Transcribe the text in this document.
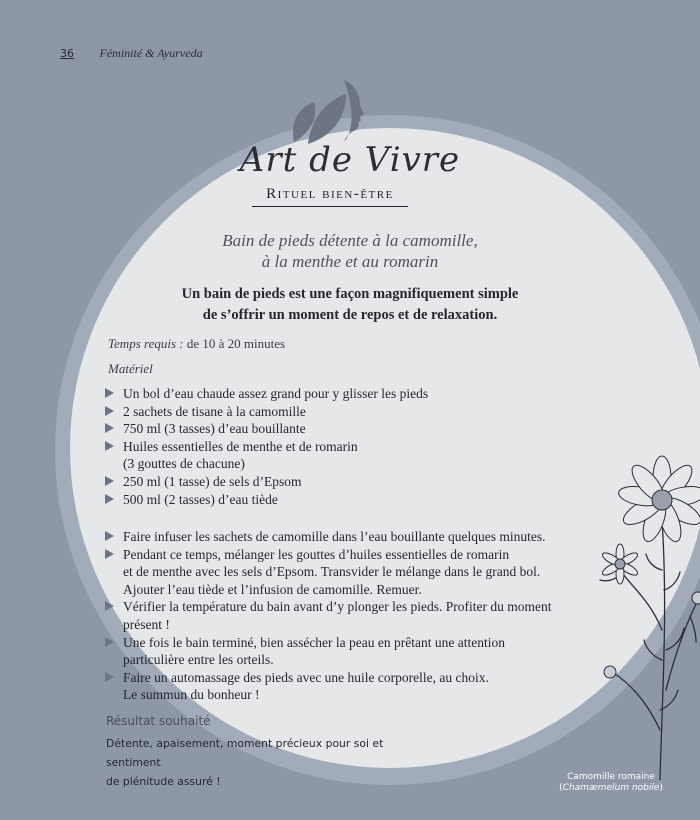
36 Féminité & Ayurveda
Art de Vivre
Rituel bien-être
Bain de pieds détente à la camomille,
à la menthe et au romarin
Un bain de pieds est une façon magnifiquement simple
de s’offrir un moment de repos et de relaxation.
Temps requis : de 10 à 20 minutes
Matériel
Un bol d’eau chaude assez grand pour y glisser les pieds
2 sachets de tisane à la camomille
750 ml (3 tasses) d’eau bouillante
Huiles essentielles de menthe et de romarin
(3 gouttes de chacune)
250 ml (1 tasse) de sels d’Epsom
500 ml (2 tasses) d’eau tiède
Faire infuser les sachets de camomille dans l’eau bouillante quelques minutes.
Pendant ce temps, mélanger les gouttes d’huiles essentielles de romarin
et de menthe avec les sels d’Epsom. Transvider le mélange dans le grand bol.
Ajouter l’eau tiède et l’infusion de camomille. Remuer.
Vérifier la température du bain avant d’y plonger les pieds. Profiter du moment
présent !
Une fois le bain terminé, bien assécher la peau en prêtant une attention
particulière entre les orteils.
Faire un automassage des pieds avec une huile corporelle, au choix.
Le summun du bonheur !
Résultat souhaité
Détente, apaisement, moment précieux pour soi et sentiment
de plénitude assuré !	Camomille romaine
(Chamæmelum nobile)
